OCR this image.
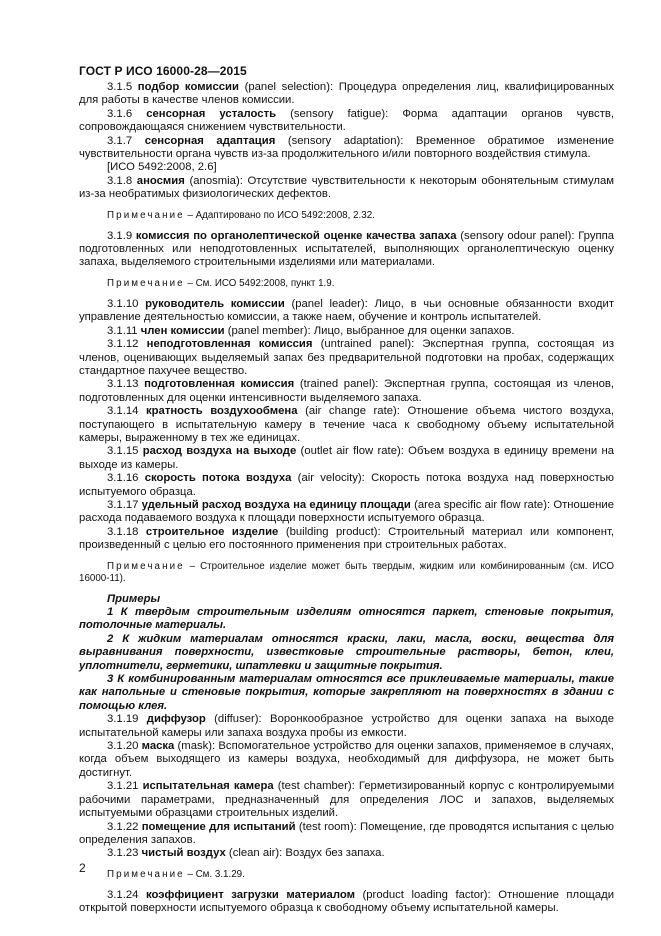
ГОСТ Р ИСО 16000-28—2015

3.1.5 подбор комиссии (panel selection): Процедура определения лиц, квалифицированных для работы в качестве членов комиссии.

3.1.6 сенсорная усталость (sensory fatigue): Форма адаптации органов чувств, сопровождающаяся снижением чувствительности.

3.1.7 сенсорная адаптация (sensory adaptation): Временное обратимое изменение чувствительности органа чувств из-за продолжительного и/или повторного воздействия стимула.

[ИСО 5492:2008, 2.6]

3.1.8 аносмия (anosmia): Отсутствие чувствительности к некоторым обонятельным стимулам из-за необратимых физиологических дефектов.

Примечание – Адаптировано по ИСО 5492:2008, 2.32.

3.1.9 комиссия по органолептической оценке качества запаха (sensory odour panel): Группа подготовленных или неподготовленных испытателей, выполняющих органолептическую оценку запаха, выделяемого строительными изделиями или материалами.

Примечание – См. ИСО 5492:2008, пункт 1.9.

3.1.10 руководитель комиссии (panel leader): Лицо, в чьи основные обязанности входит управление деятельностью комиссии, а также наем, обучение и контроль испытателей.

3.1.11 член комиссии (panel member): Лицо, выбранное для оценки запахов.

3.1.12 неподготовленная комиссия (untrained panel): Экспертная группа, состоящая из членов, оценивающих выделяемый запах без предварительной подготовки на пробах, содержащих стандартное пахучее вещество.

3.1.13 подготовленная комиссия (trained panel): Экспертная группа, состоящая из членов, подготовленных для оценки интенсивности выделяемого запаха.

3.1.14 кратность воздухообмена (air change rate): Отношение объема чистого воздуха, поступающего в испытательную камеру в течение часа к свободному объему испытательной камеры, выраженному в тех же единицах.

3.1.15 расход воздуха на выходе (outlet air flow rate): Объем воздуха в единицу времени на выходе из камеры.

3.1.16 скорость потока воздуха (air velocity): Скорость потока воздуха над поверхностью испытуемого образца.

3.1.17 удельный расход воздуха на единицу площади (area specific air flow rate): Отношение расхода подаваемого воздуха к площади поверхности испытуемого образца.

3.1.18 строительное изделие (building product): Строительный материал или компонент, произведенный с целью его постоянного применения при строительных работах.

Примечание – Строительное изделие может быть твердым, жидким или комбинированным (см. ИСО 16000-11).

Примеры

1 К твердым строительным изделиям относятся паркет, стеновые покрытия, потолочные материалы.

2 К жидким материалам относятся краски, лаки, масла, воски, вещества для выравнивания поверхности, известковые строительные растворы, бетон, клеи, уплотнители, герметики, шпатлевки и защитные покрытия.

3 К комбинированным материалам относятся все приклеиваемые материалы, такие как напольные и стеновые покрытия, которые закрепляют на поверхностях в здании с помощью клея.

3.1.19 диффузор (diffuser): Воронкообразное устройство для оценки запаха на выходе испытательной камеры или запаха воздуха пробы из емкости.

3.1.20 маска (mask): Вспомогательное устройство для оценки запахов, применяемое в случаях, когда объем выходящего из камеры воздуха, необходимый для диффузора, не может быть достигнут.

3.1.21 испытательная камера (test chamber): Герметизированный корпус с контролируемыми рабочими параметрами, предназначенный для определения ЛОС и запахов, выделяемых испытуемыми образцами строительных изделий.

3.1.22 помещение для испытаний (test room): Помещение, где проводятся испытания с целью определения запахов.

3.1.23 чистый воздух (clean air): Воздух без запаха.

Примечание – См. 3.1.29.

3.1.24 коэффициент загрузки материалом (product loading factor): Отношение площади открытой поверхности испытуемого образца к свободному объему испытательной камеры.

2
